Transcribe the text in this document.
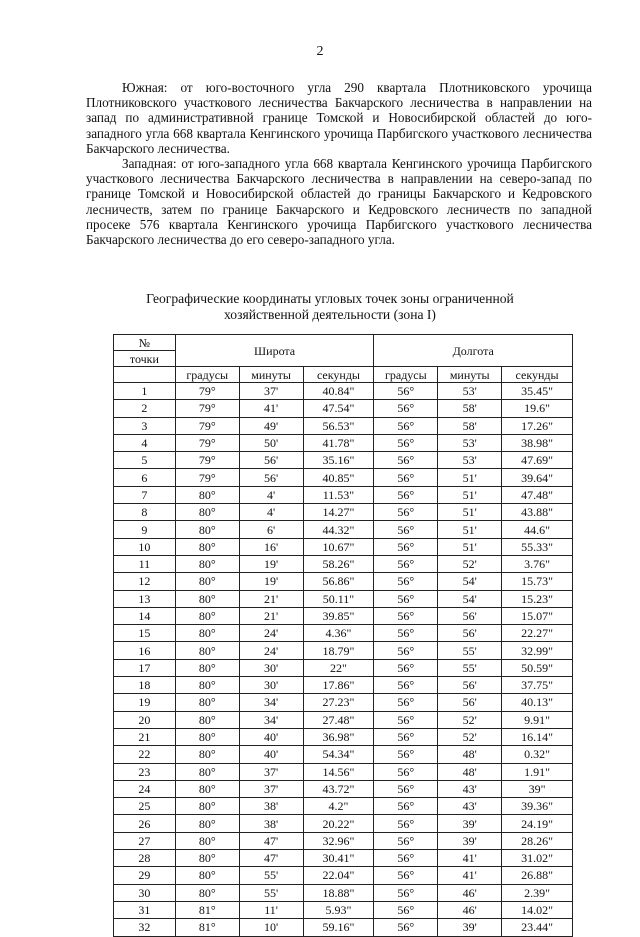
2

Южная: от юго-восточного угла 290 квартала Плотниковского урочища Плотниковского участкового лесничества Бакчарского лесничества в направлении на запад по административной границе Томской и Новосибирской областей до юго-западного угла 668 квартала Кенгинского урочища Парбигского участкового лесничества Бакчарского лесничества.

Западная: от юго-западного угла 668 квартала Кенгинского урочища Парбигского участкового лесничества Бакчарского лесничества в направлении на северо-запад по границе Томской и Новосибирской областей до границы Бакчарского и Кедровского лесничеств, затем по границе Бакчарского и Кедровского лесничеств по западной просеке 576 квартала Кенгинского урочища Парбигского участкового лесничества Бакчарского лесничества до его северо-западного угла.

Географические координаты угловых точек зоны ограниченной хозяйственной деятельности (зона I)
№	Широта			Долгота		
точки						
	градусы	минуты	секунды	градусы	минуты	секунды
1	79°	37'	40.84"	56°	53'	35.45"
2	79°	41'	47.54"	56°	58'	19.6"
3	79°	49'	56.53"	56°	58'	17.26"
4	79°	50'	41.78"	56°	53'	38.98"
5	79°	56'	35.16"	56°	53'	47.69"
6	79°	56'	40.85"	56°	51'	39.64"
7	80°	4'	11.53"	56°	51'	47.48"
8	80°	4'	14.27"	56°	51'	43.88"
9	80°	6'	44.32"	56°	51'	44.6"
10	80°	16'	10.67"	56°	51'	55.33"
11	80°	19'	58.26"	56°	52'	3.76"
12	80°	19'	56.86"	56°	54'	15.73"
13	80°	21'	50.11"	56°	54'	15.23"
14	80°	21'	39.85"	56°	56'	15.07"
15	80°	24'	4.36"	56°	56'	22.27"
16	80°	24'	18.79"	56°	55'	32.99"
17	80°	30'	22"	56°	55'	50.59"
18	80°	30'	17.86"	56°	56'	37.75"
19	80°	34'	27.23"	56°	56'	40.13"
20	80°	34'	27.48"	56°	52'	9.91"
21	80°	40'	36.98"	56°	52'	16.14"
22	80°	40'	54.34"	56°	48'	0.32"
23	80°	37'	14.56"	56°	48'	1.91"
24	80°	37'	43.72"	56°	43'	39"
25	80°	38'	4.2"	56°	43'	39.36"
26	80°	38'	20.22"	56°	39'	24.19"
27	80°	47'	32.96"	56°	39'	28.26"
28	80°	47'	30.41"	56°	41'	31.02"
29	80°	55'	22.04"	56°	41'	26.88"
30	80°	55'	18.88"	56°	46'	2.39"
31	81°	11'	5.93"	56°	46'	14.02"
32	81°	10'	59.16"	56°	39'	23.44"
